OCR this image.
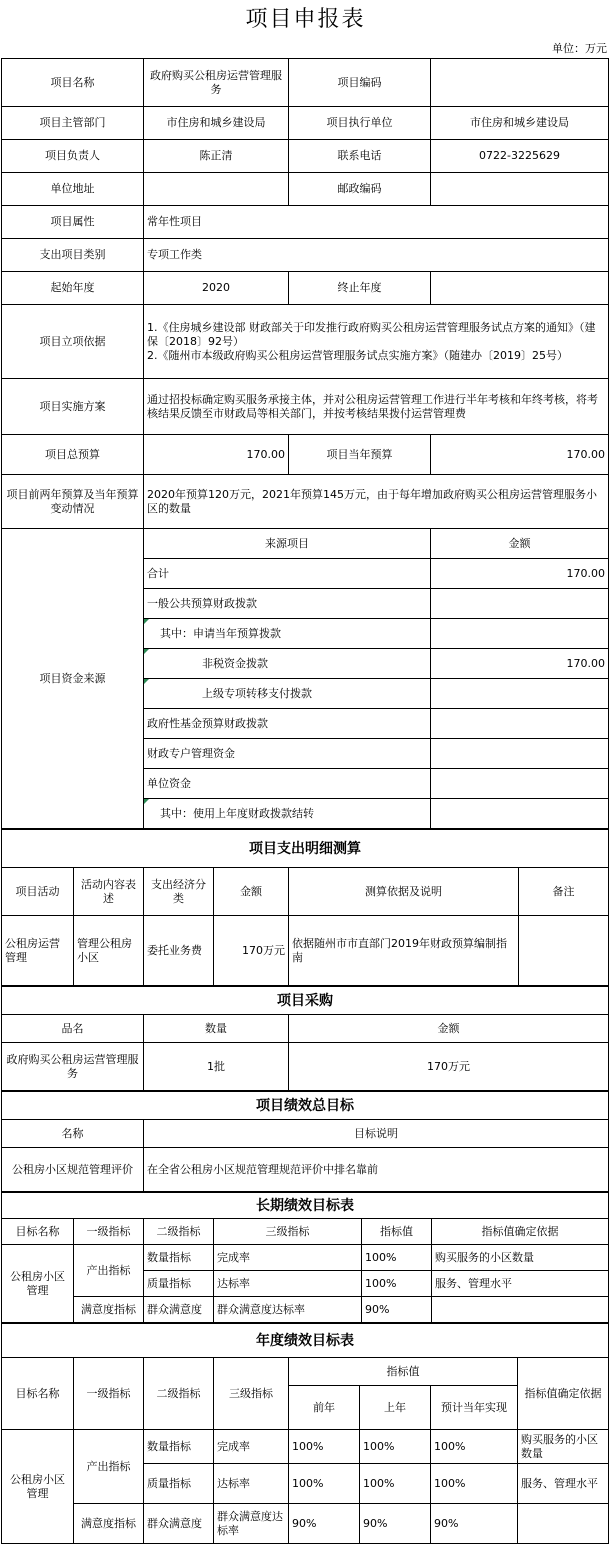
项目申报表
单位：万元
项目名称	政府购买公租房运营管理服务	项目编码	
项目主管部门	市住房和城乡建设局	项目执行单位	市住房和城乡建设局
项目负责人	陈正清	联系电话	0722-3225629
单位地址		邮政编码	
项目属性	常年性项目		
支出项目类别	专项工作类		
起始年度	2020	终止年度	
项目立项依据	1.《住房城乡建设部 财政部关于印发推行政府购买公租房运营管理服务试点方案的通知》（建保〔2018〕92号）
2.《随州市本级政府购买公租房运营管理服务试点实施方案》（随建办〔2019〕25号）		
项目实施方案	通过招投标确定购买服务承接主体，并对公租房运营管理工作进行半年考核和年终考核，将考核结果反馈至市财政局等相关部门，并按考核结果拨付运营管理费		
项目总预算	170.00	项目当年预算	170.00
项目前两年预算及当年预算变动情况	2020年预算120万元，2021年预算145万元，由于每年增加政府购买公租房运营管理服务小区的数量		
项目资金来源	来源项目		金额
	合计		170.00
	一般公共预算财政拨款		
	其中：申请当年预算拨款		
	非税资金拨款		170.00
	上级专项转移支付拨款		
	政府性基金预算财政拨款		
	财政专户管理资金		
	单位资金		
	其中：使用上年度财政拨款结转		
项目支出明细测算					
项目活动	活动内容表述	支出经济分类	金额	测算依据及说明	备注
公租房运营管理	管理公租房小区	委托业务费	170万元	依据随州市市直部门2019年财政预算编制指南	
项目采购		
品名	数量	金额
政府购买公租房运营管理服务	1批	170万元
项目绩效总目标	
名称	目标说明
公租房小区规范管理评价	在全省公租房小区规范管理规范评价中排名靠前
长期绩效目标表					
目标名称	一级指标	二级指标	三级指标	指标值	指标值确定依据
公租房小区管理	产出指标	数量指标	完成率	100%	购买服务的小区数量
		质量指标	达标率	100%	服务、管理水平
	满意度指标	群众满意度	群众满意度达标率	90%	
年度绩效目标表							
目标名称	一级指标	二级指标	三级指标	指标值			指标值确定依据
				前年	上年	预计当年实现	
公租房小区管理	产出指标	数量指标	完成率	100%	100%	100%	购买服务的小区数量
		质量指标	达标率	100%	100%	100%	服务、管理水平
	满意度指标	群众满意度	群众满意度达标率	90%	90%	90%	
